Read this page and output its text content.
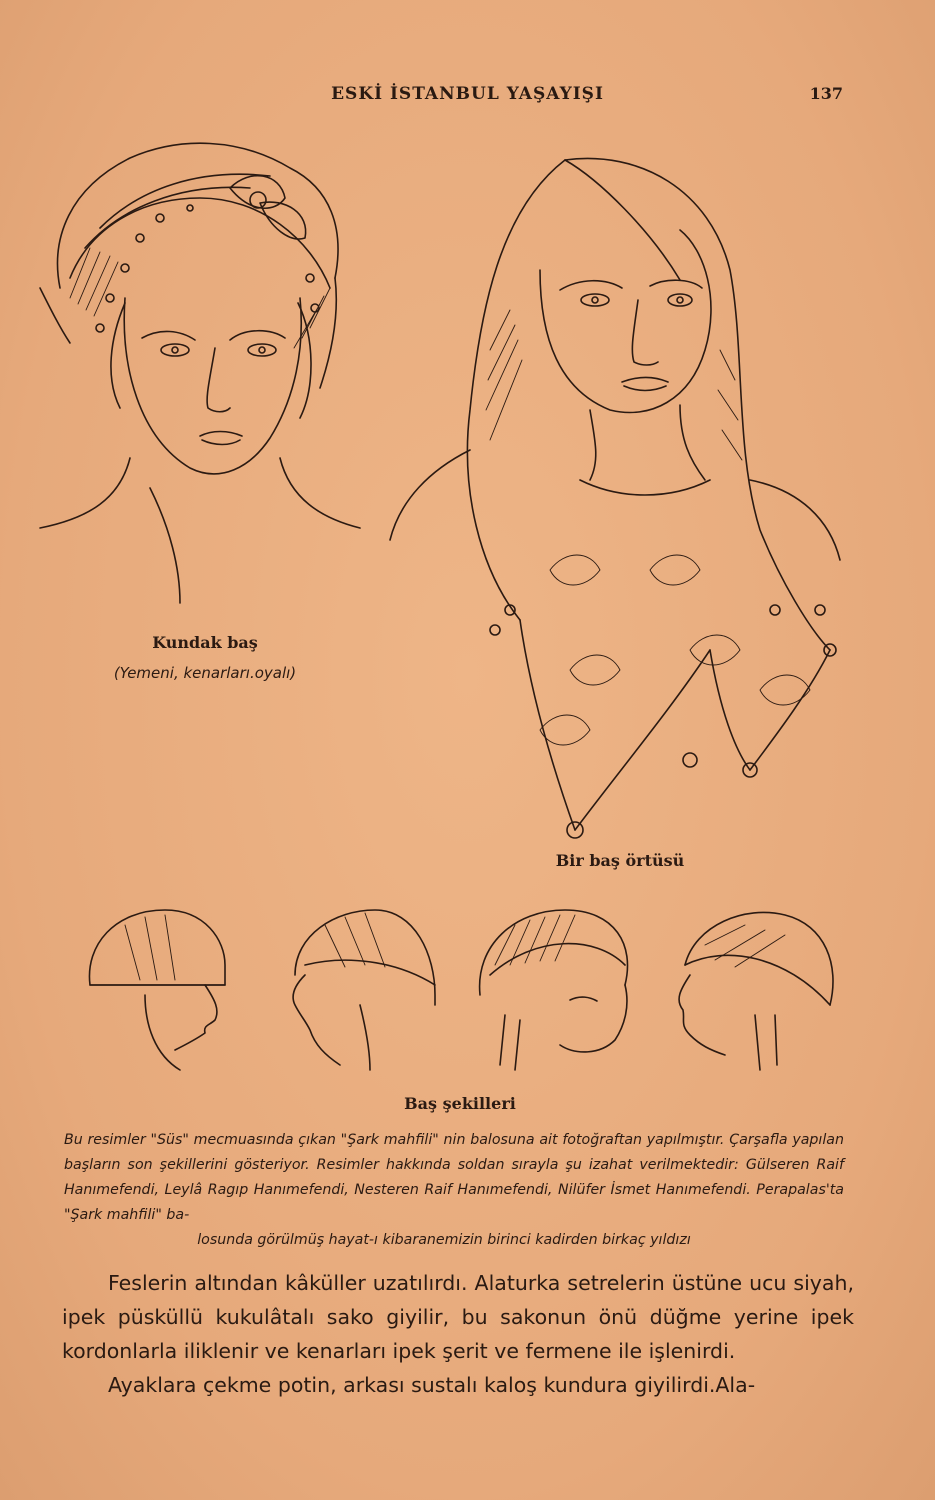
ESKİ İSTANBUL YAŞAYIŞI	137
Kundak baş
(Yemeni, kenarları.oyalı)
Bir baş örtüsü
Baş şekilleri
Bu resimler "Süs" mecmuasında çıkan "Şark mahfili" nin balosuna ait fotoğraftan yapılmıştır. Çarşafla yapılan başların son şekillerini gösteriyor. Resimler hakkında soldan sırayla şu izahat verilmektedir: Gülseren Raif Hanımefendi, Leylâ Ragıp Hanımefendi, Nesteren Raif Hanımefendi, Nilüfer İsmet Hanımefendi. Perapalas'ta "Şark mahfili" ba-
losunda görülmüş hayat-ı kibaranemizin birinci kadirden birkaç yıldızı

Feslerin altından kâküller uzatılırdı. Alaturka setrelerin üstüne ucu siyah, ipek püsküllü kukulâtalı sako giyilir, bu sakonun önü düğme yerine ipek kordonlarla iliklenir ve kenarları ipek şerit ve fermene ile işlenirdi.

Ayaklara çekme potin, arkası sustalı kaloş kundura giyilirdi.Ala-
